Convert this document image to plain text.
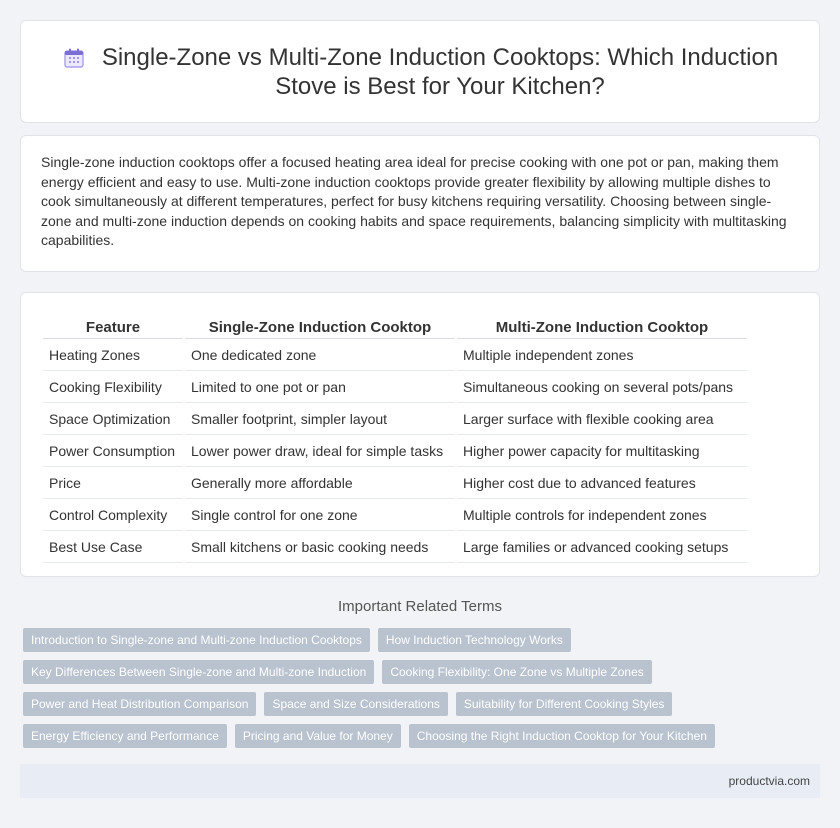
Single-Zone vs Multi-Zone Induction Cooktops: Which Induction Stove is Best for Your Kitchen?

Single-zone induction cooktops offer a focused heating area ideal for precise cooking with one pot or pan, making them energy efficient and easy to use. Multi-zone induction cooktops provide greater flexibility by allowing multiple dishes to cook simultaneously at different temperatures, perfect for busy kitchens requiring versatility. Choosing between single-zone and multi-zone induction depends on cooking habits and space requirements, balancing simplicity with multitasking capabilities.

Feature	Single-Zone Induction Cooktop	Multi-Zone Induction Cooktop
Heating Zones	One dedicated zone	Multiple independent zones
Cooking Flexibility	Limited to one pot or pan	Simultaneous cooking on several pots/pans
Space Optimization	Smaller footprint, simpler layout	Larger surface with flexible cooking area
Power Consumption	Lower power draw, ideal for simple tasks	Higher power capacity for multitasking
Price	Generally more affordable	Higher cost due to advanced features
Control Complexity	Single control for one zone	Multiple controls for independent zones
Best Use Case	Small kitchens or basic cooking needs	Large families or advanced cooking setups
Important Related Terms
Introduction to Single-zone and Multi-zone Induction Cooktops	How Induction Technology Works
Key Differences Between Single-zone and Multi-zone Induction	Cooking Flexibility: One Zone vs Multiple Zones
Power and Heat Distribution Comparison	Space and Size Considerations	Suitability for Different Cooking Styles
Energy Efficiency and Performance	Pricing and Value for Money	Choosing the Right Induction Cooktop for Your Kitchen
productvia.com
